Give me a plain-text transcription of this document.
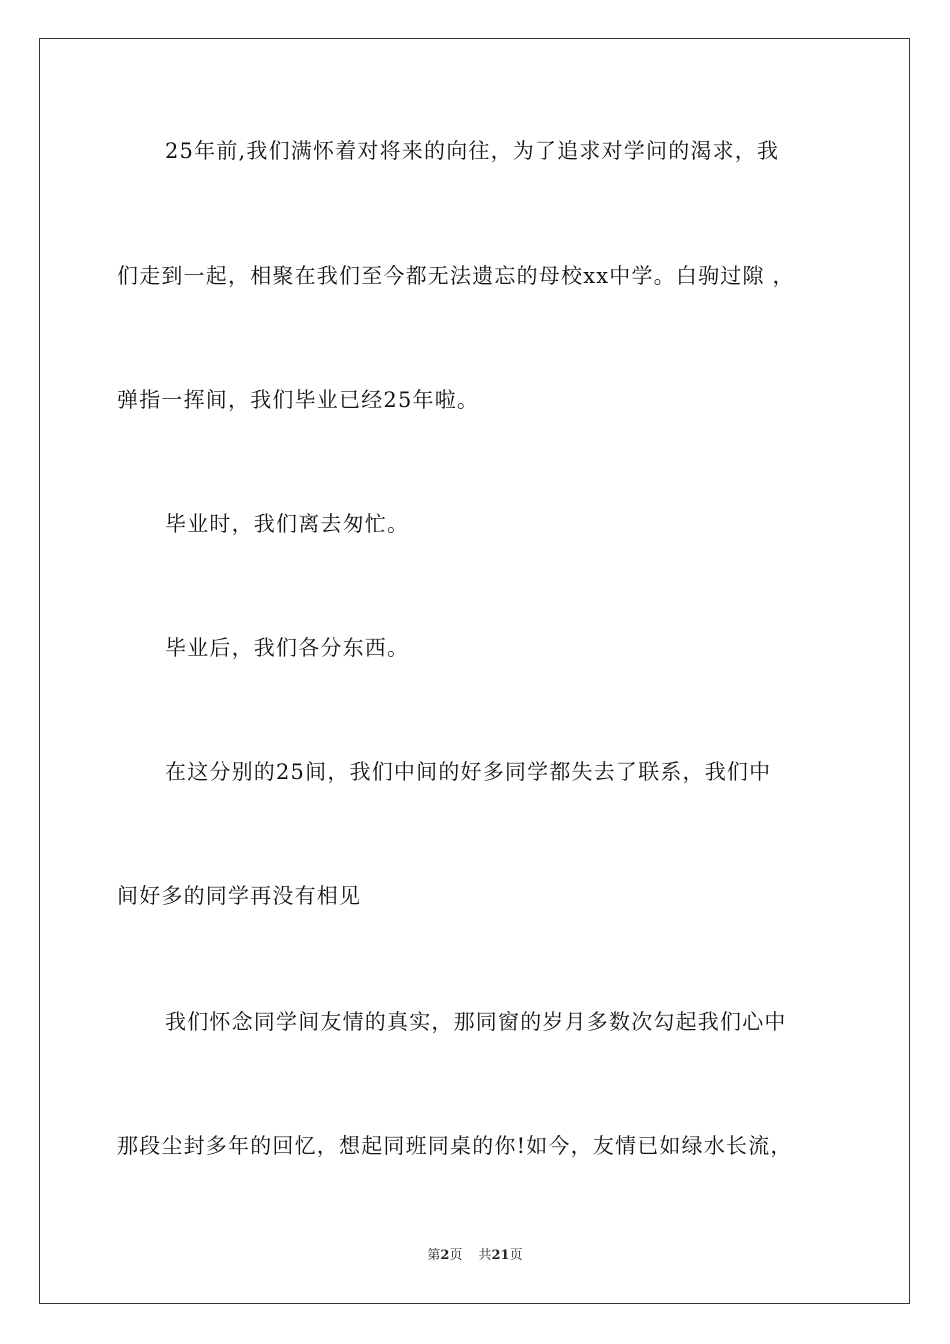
25年前,我们满怀着对将来的向往，为了追求对学问的渴求，我
们走到一起，相聚在我们至今都无法遗忘的母校xx中学。白驹过隙 ，
弹指一挥间，我们毕业已经25年啦。
毕业时，我们离去匆忙。
毕业后，我们各分东西。
在这分别的25间，我们中间的好多同学都失去了联系，我们中
间好多的同学再没有相见
我们怀念同学间友情的真实，那同窗的岁月多数次勾起我们心中
那段尘封多年的回忆，想起同班同桌的你!如今，友情已如绿水长流，
第2页 共21页
